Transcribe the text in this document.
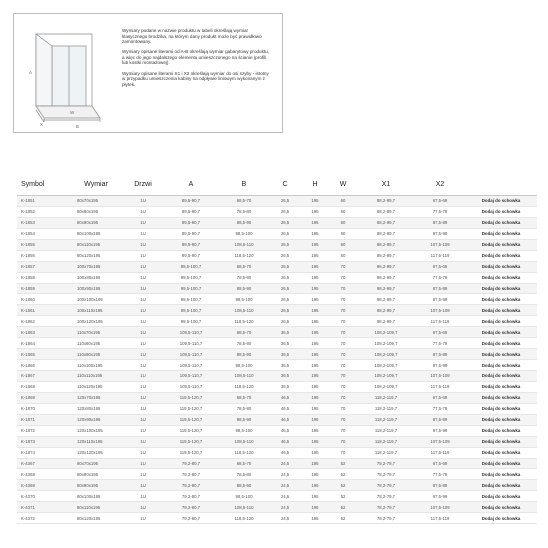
A
B
W
X

Wymiary podane w nazwie produktu w tabeli określają wymiar klasycznego brodzika, na którym dany produkt może być prawidłowo zamontowany.

Wymiary opisane literami od A-B określają wymiar gabarytowy produktu, a więc do jego najdalszego elementu umieszczonego na ścianie (profili lub kostki montażowej).

Wymiary opisane literami X1 i X2 określają wymiar do osi szyby - istotny w przypadku umieszczenia kabiny na odpływie liniowym wykonanym z płytek.

Symbol	Wymiar	Drzwi	A	B	C	H	W	X1	X2	
K-1851	80x70x195	1U	89,5-90,7	68,5-70	26,5	195	60	88,2-89,7	67,5-69	Dodaj do schowka
K-1852	80x80x195	1U	89,5-90,7	78,5-80	26,5	195	60	88,2-89,7	77,5-79	Dodaj do schowka
K-1853	80x90x195	1U	89,5-90,7	88,5-90	26,5	195	60	88,2-89,7	87,5-89	Dodaj do schowka
K-1854	80x100x195	1U	89,5-90,7	98,5-100	26,5	195	60	88,2-89,7	97,5-99	Dodaj do schowka
K-1855	80x110x195	1U	89,5-90,7	108,5-110	26,5	195	60	88,2-89,7	107,5-109	Dodaj do schowka
K-1856	80x120x195	1U	89,5-90,7	118,5-120	26,5	195	60	88,2-89,7	117,5-119	Dodaj do schowka
K-1857	100x70x195	1U	99,5-100,7	68,5-70	26,5	195	70	98,2-99,7	67,5-69	Dodaj do schowka
K-1858	100x80x195	1U	99,5-100,7	78,5-80	26,5	195	70	98,2-99,7	77,5-79	Dodaj do schowka
K-1859	100x90x195	1U	99,5-100,7	88,5-90	26,5	195	70	98,2-99,7	87,5-89	Dodaj do schowka
K-1860	100x100x195	1U	99,5-100,7	98,5-100	26,5	195	70	98,2-99,7	97,5-99	Dodaj do schowka
K-1861	100x110x195	1U	99,5-100,7	108,5-110	26,5	195	70	98,2-99,7	107,5-109	Dodaj do schowka
K-1862	100x120x195	1U	99,5-100,7	118,5-120	26,5	195	70	98,2-99,7	117,5-119	Dodaj do schowka
K-1863	110x70x195	1U	109,5-110,7	68,5-70	36,5	195	70	108,2-109,7	67,5-69	Dodaj do schowka
K-1864	110x80x195	1U	109,5-110,7	78,5-80	36,5	195	70	108,2-109,7	77,5-79	Dodaj do schowka
K-1865	110x90x195	1U	109,5-110,7	88,5-90	36,5	195	70	108,2-109,7	87,5-89	Dodaj do schowka
K-1866	110x100x195	1U	109,5-110,7	98,5-100	36,5	195	70	108,2-109,7	97,5-99	Dodaj do schowka
K-1867	110x110x195	1U	109,5-110,7	108,5-110	36,5	195	70	108,2-109,7	107,5-109	Dodaj do schowka
K-1868	110x120x195	1U	109,5-110,7	118,5-120	36,5	195	70	108,2-109,7	117,5-119	Dodaj do schowka
K-1869	120x70x195	1U	119,5-120,7	68,5-70	46,5	195	70	118,2-119,7	67,5-69	Dodaj do schowka
K-1870	120x80x195	1U	119,5-120,7	78,5-80	46,5	195	70	118,2-119,7	77,5-79	Dodaj do schowka
K-1871	120x90x195	1U	119,5-120,7	88,5-90	46,5	195	70	118,2-119,7	87,5-89	Dodaj do schowka
K-1872	120x100x195	1U	119,5-120,7	98,5-100	46,5	195	70	118,2-119,7	97,5-99	Dodaj do schowka
K-1873	120x110x195	1U	119,5-120,7	108,5-110	46,5	195	70	118,2-119,7	107,5-109	Dodaj do schowka
K-1874	120x120x195	1U	119,5-120,7	118,5-120	46,5	195	70	118,2-119,7	117,5-119	Dodaj do schowka
K-4367	80x70x195	1U	79,2-80,7	68,5-70	24,5	195	52	78,2-79,7	67,5-69	Dodaj do schowka
K-4368	80x80x195	1U	79,2-80,7	78,5-80	24,5	195	52	78,2-79,7	77,5-79	Dodaj do schowka
K-4369	80x90x195	1U	79,2-80,7	88,5-90	24,5	195	52	78,2-79,7	87,5-89	Dodaj do schowka
K-4370	80x100x195	1U	79,2-80,7	98,5-100	24,5	195	52	78,2-79,7	97,5-99	Dodaj do schowka
K-4371	80x110x195	1U	79,2-80,7	108,5-110	24,5	195	52	78,2-79,7	107,5-109	Dodaj do schowka
K-4372	80x120x195	1U	79,2-80,7	118,5-120	24,5	195	52	78,2-79,7	117,5-119	Dodaj do schowka
